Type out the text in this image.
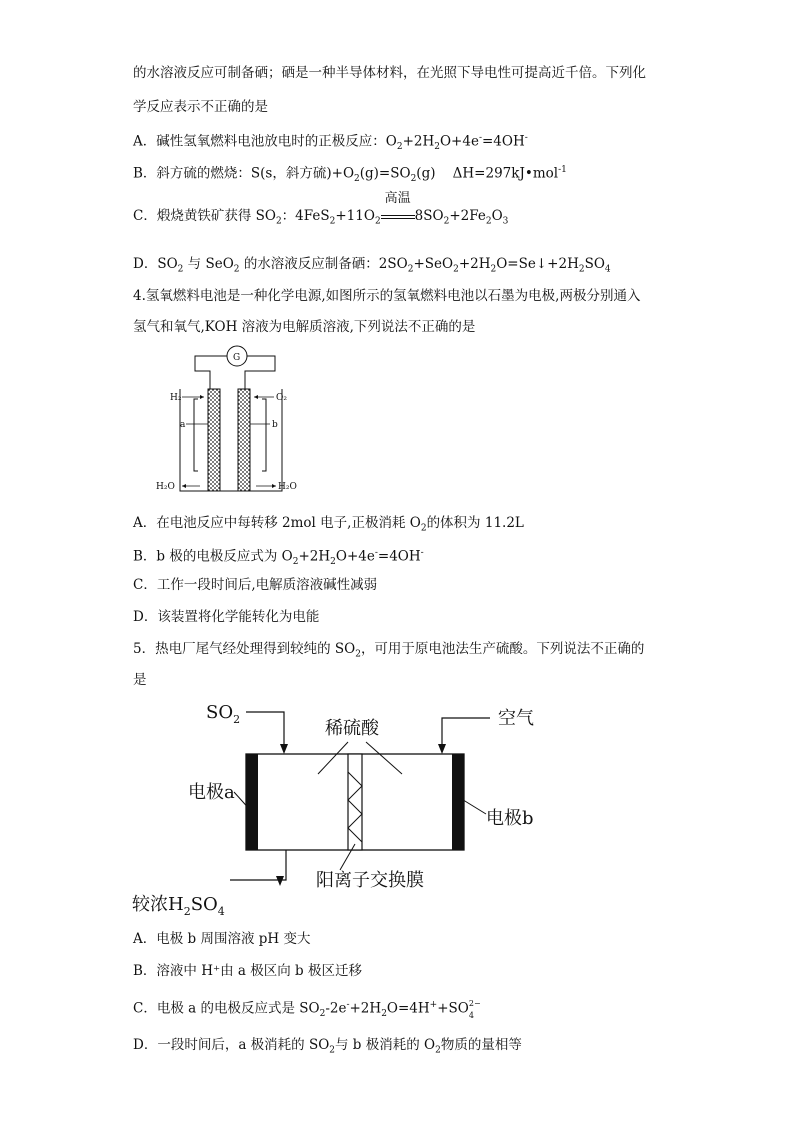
的水溶液反应可制备硒；硒是一种半导体材料，在光照下导电性可提高近千倍。下列化
学反应表示不正确的是
A．碱性氢氧燃料电池放电时的正极反应：$O_2+2H_2O+4e^-=4OH^-$
B．斜方硫的燃烧：S(s，斜方硫)$+O_2(g)=SO_2(g)$ ΔH=297kJ•mol$^{-1}$
C．煅烧黄铁矿获得 $SO_2$：$4FeS_2+11O_2$
高温
$8SO_2+2Fe_2O_3$
D．$SO_2$ 与 SeO$_2$ 的水溶液反应制备硒：$2SO_2+SeO_2+2H_2O=Se↓+2H_2SO_4$
4.氢氧燃料电池是一种化学电源,如图所示的氢氧燃料电池以石墨为电极,两极分别通入
氢气和氧气,KOH 溶液为电解质溶液,下列说法不正确的是
G
H₂	O₂
a	b
H₂O	H₂O
A．在电池反应中每转移 2mol 电子,正极消耗 $O_2$的体积为 11.2L
B．b 极的电极反应式为 $O_2+2H_2O+4e^-=4OH^-$
C．工作一段时间后,电解质溶液碱性减弱
D．该装置将化学能转化为电能
5．热电厂尾气经处理得到较纯的 $SO_2$，可用于原电池法生产硫酸。下列说法不正确的
是
$SO_2$	稀硫酸	空气
电极a
电极b
阳离子交换膜
较浓$H_2SO_4$
A．电极 b 周围溶液 pH 变大
B．溶液中 H⁺由 a 极区向 b 极区迁移
C．电极 a 的电极反应式是 $SO_2-2e^-+2H_2O=4H^++SO$ 2−
4
D．一段时间后，a 极消耗的 $SO_2$与 b 极消耗的 $O_2$物质的量相等
